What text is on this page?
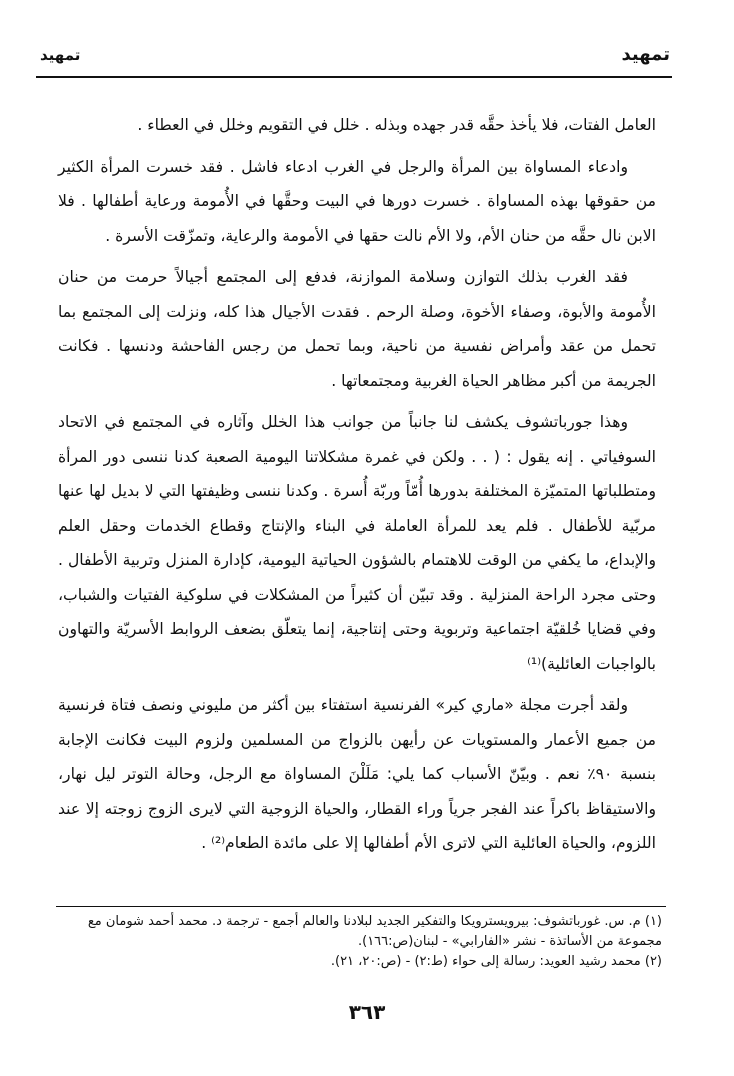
تمهيد
تمهيد

العامل الفتات، فلا يأخذ حقَّه قدر جهده وبذله . خلل في التقويم وخلل في العطاء .

وادعاء المساواة بين المرأة والرجل في الغرب ادعاء فاشل . فقد خسرت المرأة الكثير من حقوقها بهذه المساواة . خسرت دورها في البيت وحقَّها في الأُمومة ورعاية أطفالها . فلا الابن نال حقَّه من حنان الأم، ولا الأم نالت حقها في الأمومة والرعاية، وتمزّقت الأسرة .

فقد الغرب بذلك التوازن وسلامة الموازنة، فدفع إلى المجتمع أجيالاً حرمت من حنان الأُمومة والأبوة، وصفاء الأخوة، وصلة الرحم . فقدت الأجيال هذا كله، ونزلت إلى المجتمع بما تحمل من عقد وأمراض نفسية من ناحية، وبما تحمل من رجس الفاحشة ودنسها . فكانت الجريمة من أكبر مظاهر الحياة الغربية ومجتمعاتها .

وهذا جورباتشوف يكشف لنا جانباً من جوانب هذا الخلل وآثاره في المجتمع في الاتحاد السوفياتي . إنه يقول : ( . . ولكن في غمرة مشكلاتنا اليومية الصعبة كدنا ننسى دور المرأة ومتطلباتها المتميّزة المختلفة بدورها أُمّاً وربّة أُسرة . وكدنا ننسى وظيفتها التي لا بديل لها عنها مربّية للأطفال . فلم يعد للمرأة العاملة في البناء والإنتاج وقطاع الخدمات وحقل العلم والإبداع، ما يكفي من الوقت للاهتمام بالشؤون الحياتية اليومية، كإدارة المنزل وتربية الأطفال . وحتى مجرد الراحة المنزلية . وقد تبيّن أن كثيراً من المشكلات في سلوكية الفتيات والشباب، وفي قضايا خُلقيّة اجتماعية وتربوية وحتى إنتاجية، إنما يتعلّق بضعف الروابط الأسريّة والتهاون بالواجبات العائلية)⁽¹⁾

ولقد أجرت مجلة «ماري كير» الفرنسية استفتاء بين أكثر من مليوني ونصف فتاة فرنسية من جميع الأعمار والمستويات عن رأيهن بالزواج من المسلمين ولزوم البيت فكانت الإجابة بنسبة ٩٠٪ نعم . وبيّنّ الأسباب كما يلي: مَلَلْنَ المساواة مع الرجل، وحالة التوتر ليل نهار، والاستيقاظ باكراً عند الفجر جرياً وراء القطار، والحياة الزوجية التي لايرى الزوج زوجته إلا عند اللزوم، والحياة العائلية التي لاترى الأم أطفالها إلا على مائدة الطعام⁽²⁾ .

(١) م. س. غورباتشوف: بيرويسترويكا والتفكير الجديد لبلادنا والعالم أجمع - ترجمة د. محمد أحمد شومان مع مجموعة من الأساتذة - نشر «الفارابي» - لبنان(ص:١٦٦).

(٢) محمد رشيد العويد: رسالة إلى حواء (ط:٢) - (ص:٢٠، ٢١).

٣٦٣
